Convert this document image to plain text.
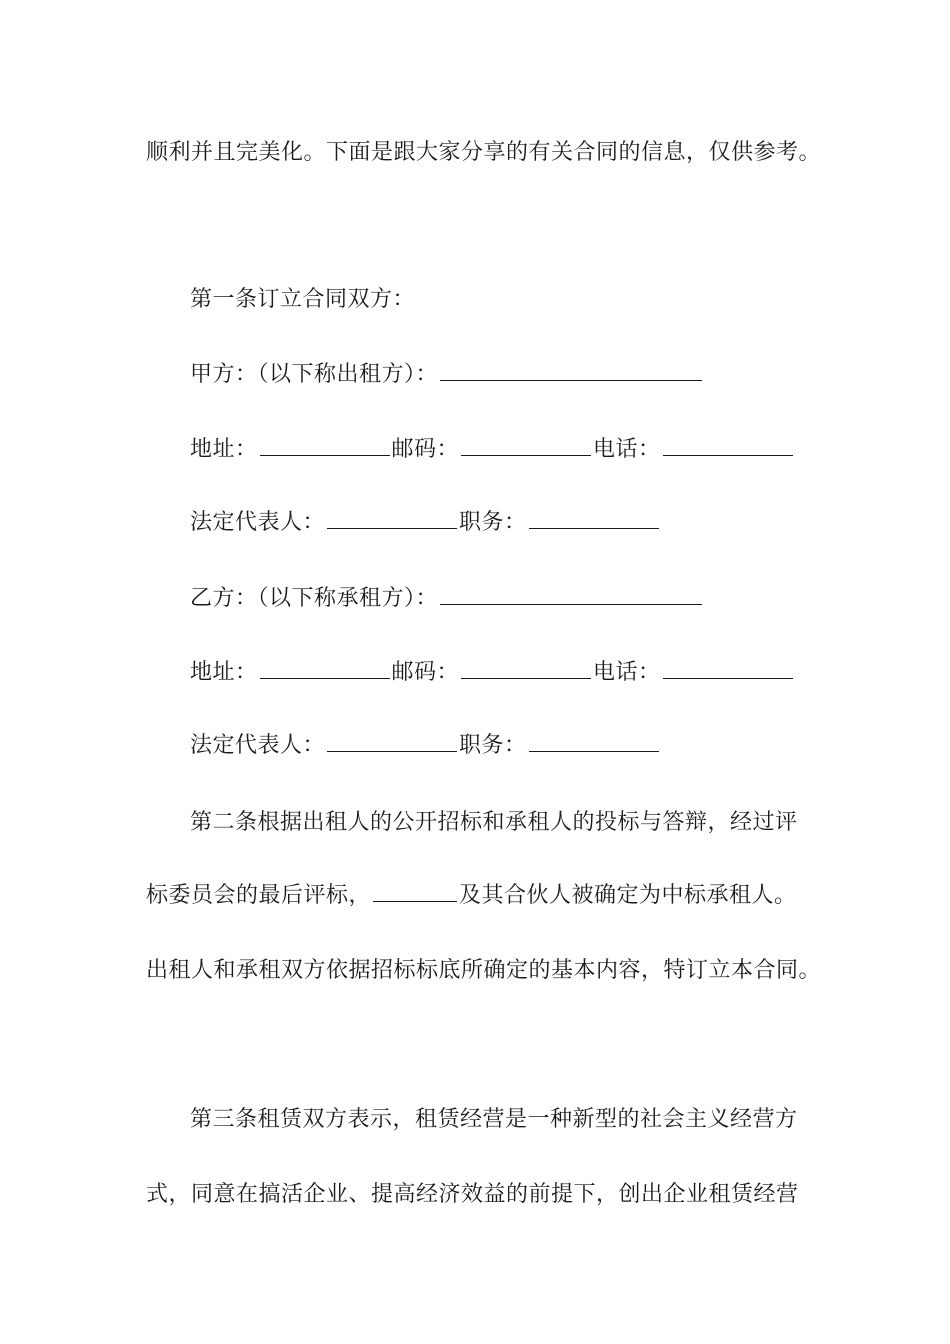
顺利并且完美化。下面是跟大家分享的有关合同的信息，仅供参考。
第一条订立合同双方：
甲方：（以下称出租方）：
地址：	邮码：	电话：
法定代表人：	职务：
乙方：（以下称承租方）：
地址：	邮码：	电话：
法定代表人：	职务：
第二条根据出租人的公开招标和承租人的投标与答辩，经过评
标委员会的最后评标，	及其合伙人被确定为中标承租人。
出租人和承租双方依据招标标底所确定的基本内容，特订立本合同。
第三条租赁双方表示，租赁经营是一种新型的社会主义经营方
式，同意在搞活企业、提高经济效益的前提下，创出企业租赁经营
